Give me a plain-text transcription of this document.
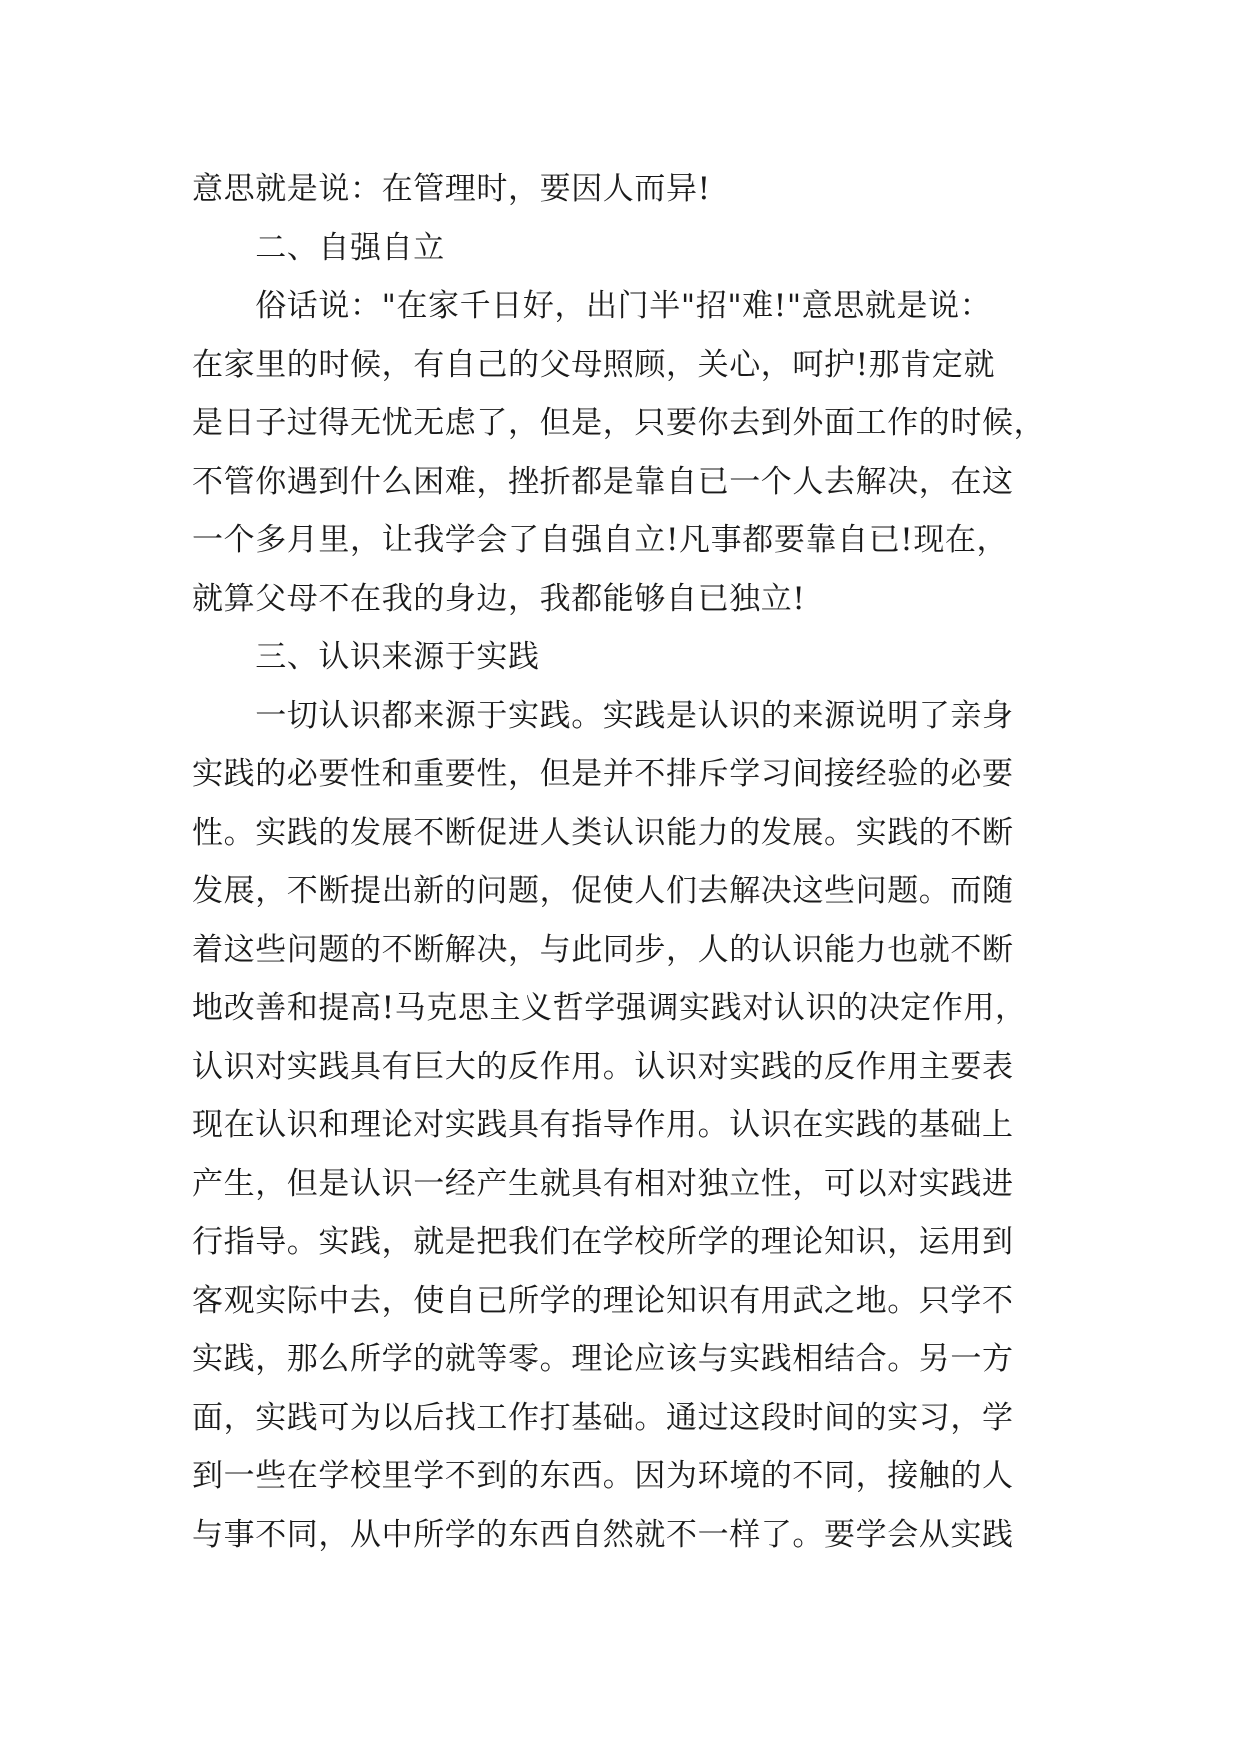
意思就是说：在管理时，要因人而异!
　　二、自强自立
　　俗话说："在家千日好，出门半"招"难!"意思就是说：
在家里的时候，有自己的父母照顾，关心，呵护!那肯定就
是日子过得无忧无虑了，但是，只要你去到外面工作的时候，
不管你遇到什么困难，挫折都是靠自已一个人去解决，在这
一个多月里，让我学会了自强自立!凡事都要靠自已!现在，
就算父母不在我的身边，我都能够自已独立!
　　三、认识来源于实践
　　一切认识都来源于实践。实践是认识的来源说明了亲身
实践的必要性和重要性，但是并不排斥学习间接经验的必要
性。实践的发展不断促进人类认识能力的发展。实践的不断
发展，不断提出新的问题，促使人们去解决这些问题。而随
着这些问题的不断解决，与此同步，人的认识能力也就不断
地改善和提高!马克思主义哲学强调实践对认识的决定作用，
认识对实践具有巨大的反作用。认识对实践的反作用主要表
现在认识和理论对实践具有指导作用。认识在实践的基础上
产生，但是认识一经产生就具有相对独立性，可以对实践进
行指导。实践，就是把我们在学校所学的理论知识，运用到
客观实际中去，使自已所学的理论知识有用武之地。只学不
实践，那么所学的就等零。理论应该与实践相结合。另一方
面，实践可为以后找工作打基础。通过这段时间的实习，学
到一些在学校里学不到的东西。因为环境的不同，接触的人
与事不同，从中所学的东西自然就不一样了。要学会从实践
